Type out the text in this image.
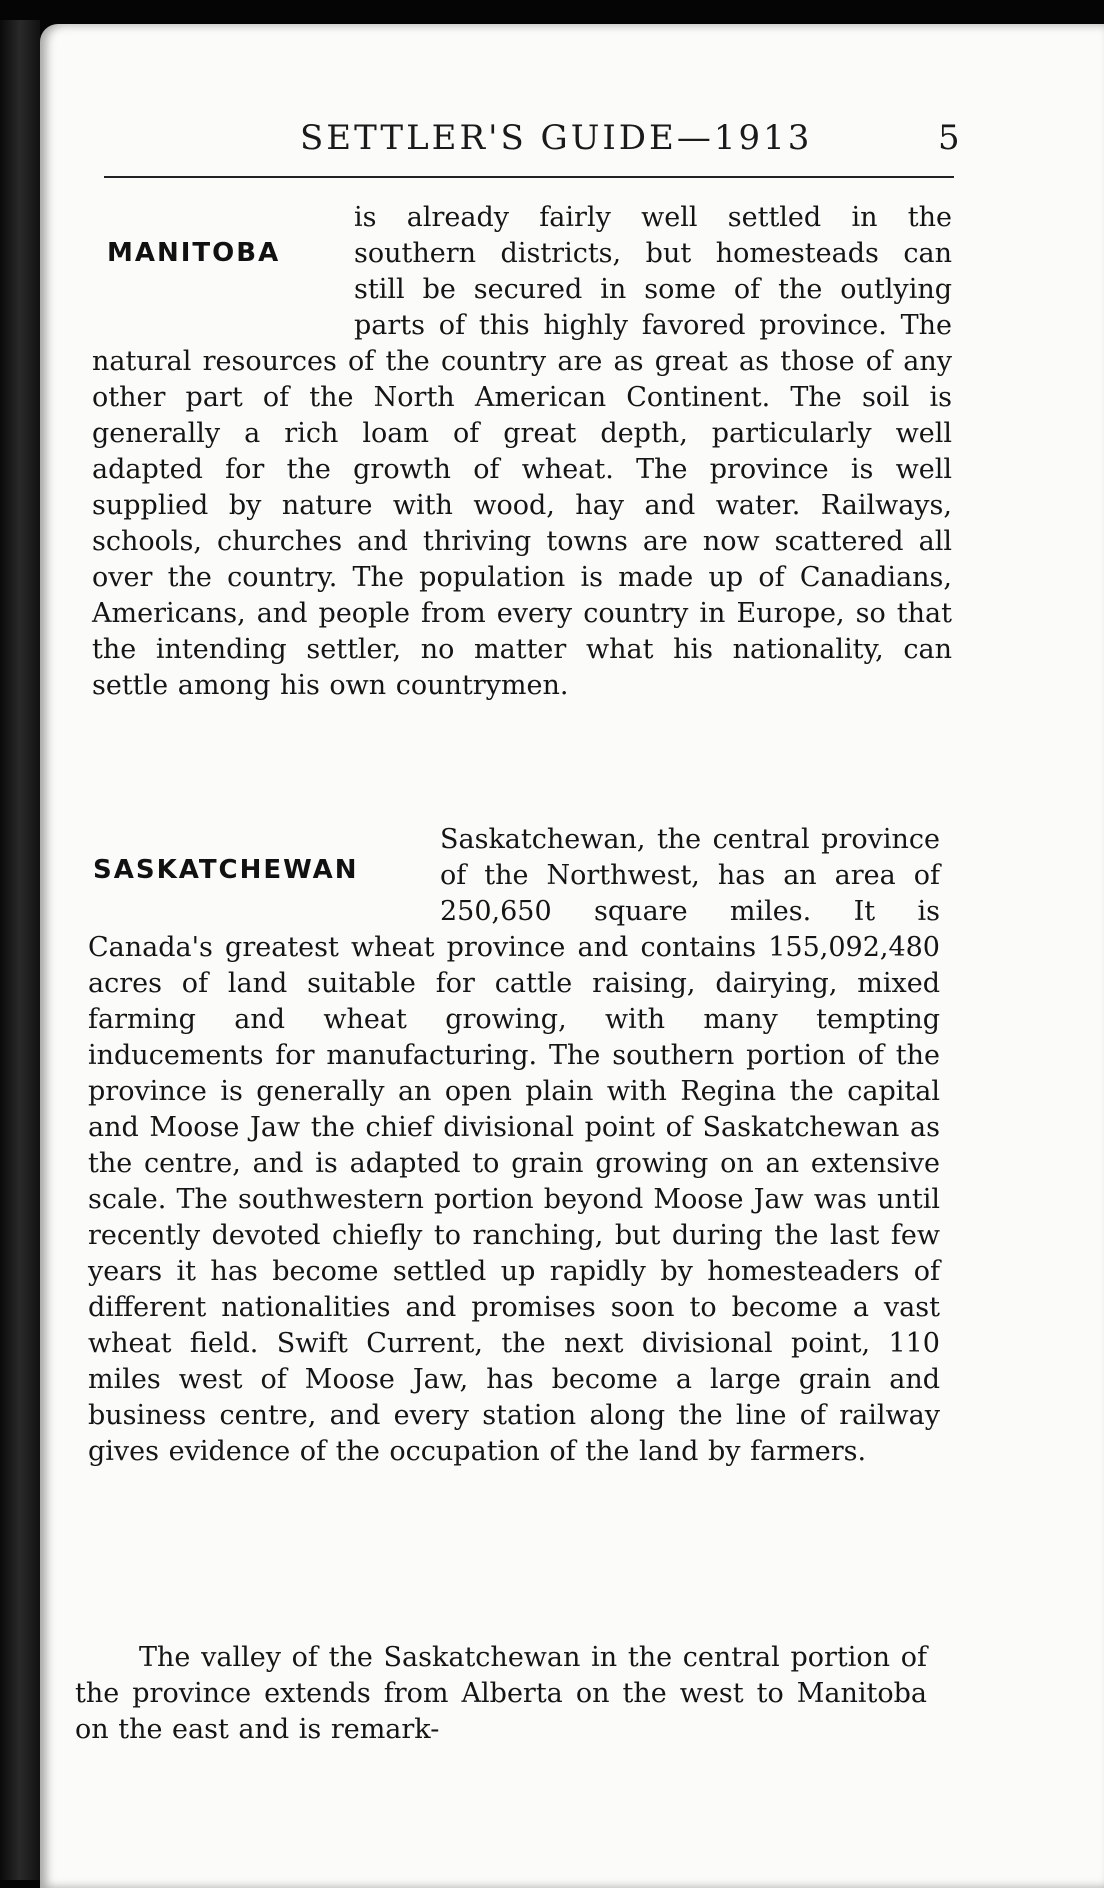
SETTLER'S GUIDE—1913	5
MANITOBA
is already fairly well settled in the southern districts, but homesteads can still be secured in some of the outlying parts of this highly favored province. The natural resources of the country are as great as those of any other part of the North American Continent. The soil is generally a rich loam of great depth, particularly well adapted for the growth of wheat. The province is well supplied by nature with wood, hay and water. Railways, schools, churches and thriving towns are now scattered all over the country. The population is made up of Canadians, Americans, and people from every country in Europe, so that the intending settler, no matter what his nationality, can settle among his own countrymen.
SASKATCHEWAN
Saskatchewan, the central province of the Northwest, has an area of 250,650 square miles. It is Canada's greatest wheat province and contains 155,092,480 acres of land suitable for cattle raising, dairying, mixed farming and wheat growing, with many tempting inducements for manufacturing. The southern portion of the province is generally an open plain with Regina the capital and Moose Jaw the chief divisional point of Saskatchewan as the centre, and is adapted to grain growing on an extensive scale. The southwestern portion beyond Moose Jaw was until recently devoted chiefly to ranching, but during the last few years it has become settled up rapidly by homesteaders of different nationalities and promises soon to become a vast wheat field. Swift Current, the next divisional point, 110 miles west of Moose Jaw, has become a large grain and business centre, and every station along the line of railway gives evidence of the occupation of the land by farmers.
The valley of the Saskatchewan in the central portion of the province extends from Alberta on the west to Manitoba on the east and is remark-
